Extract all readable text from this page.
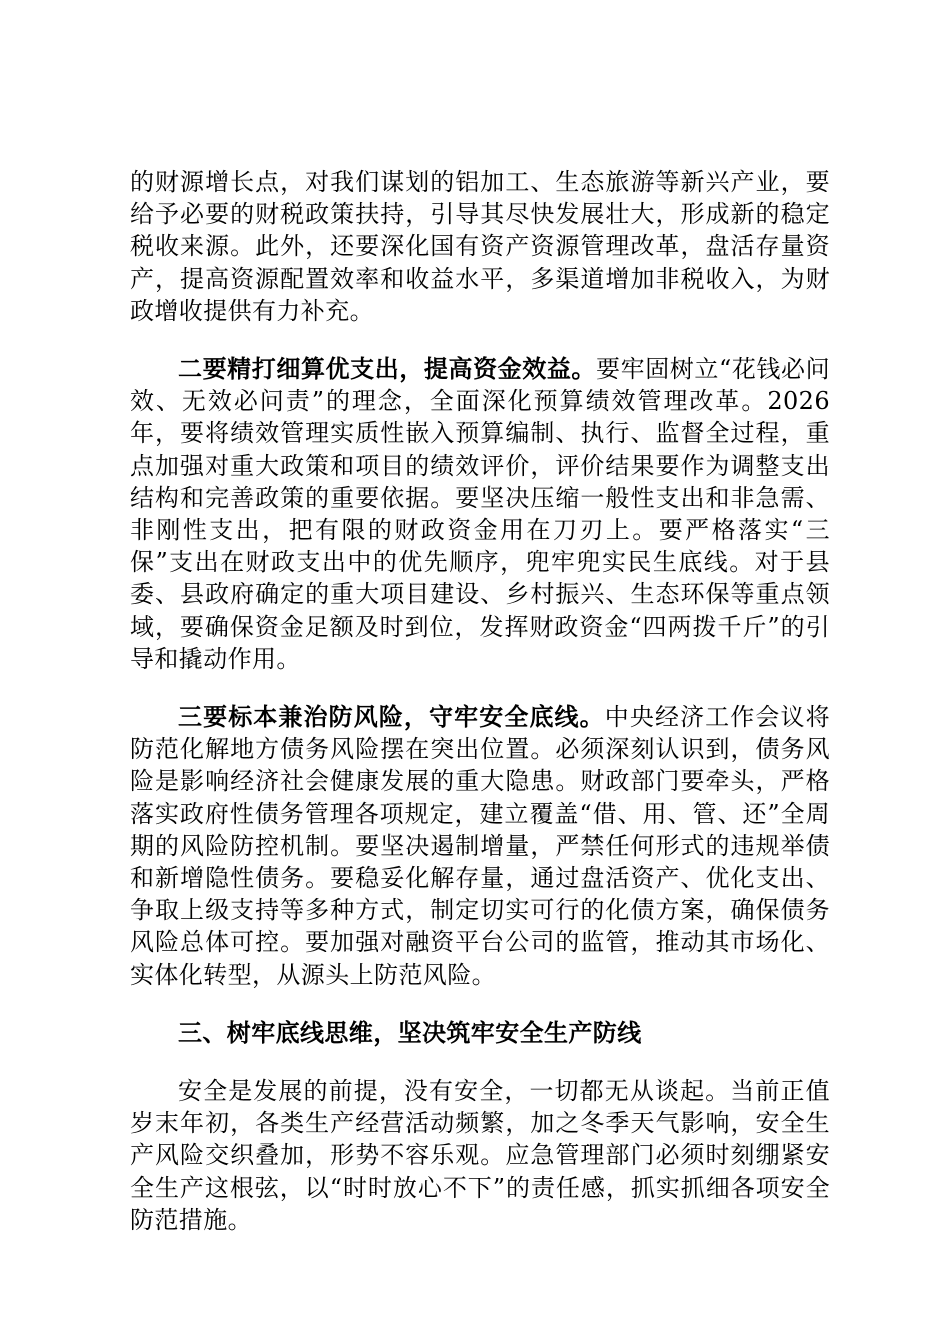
的财源增长点，对我们谋划的铝加工、生态旅游等新兴产业，要给予必要的财税政策扶持，引导其尽快发展壮大，形成新的稳定税收来源。此外，还要深化国有资产资源管理改革，盘活存量资产，提高资源配置效率和收益水平，多渠道增加非税收入，为财政增收提供有力补充。

二要精打细算优支出，提高资金效益。要牢固树立“花钱必问效、无效必问责”的理念，全面深化预算绩效管理改革。2026年，要将绩效管理实质性嵌入预算编制、执行、监督全过程，重点加强对重大政策和项目的绩效评价，评价结果要作为调整支出结构和完善政策的重要依据。要坚决压缩一般性支出和非急需、非刚性支出，把有限的财政资金用在刀刃上。要严格落实“三保”支出在财政支出中的优先顺序，兜牢兜实民生底线。对于县委、县政府确定的重大项目建设、乡村振兴、生态环保等重点领域，要确保资金足额及时到位，发挥财政资金“四两拨千斤”的引导和撬动作用。

三要标本兼治防风险，守牢安全底线。中央经济工作会议将防范化解地方债务风险摆在突出位置。必须深刻认识到，债务风险是影响经济社会健康发展的重大隐患。财政部门要牵头，严格落实政府性债务管理各项规定，建立覆盖“借、用、管、还”全周期的风险防控机制。要坚决遏制增量，严禁任何形式的违规举债和新增隐性债务。要稳妥化解存量，通过盘活资产、优化支出、争取上级支持等多种方式，制定切实可行的化债方案，确保债务风险总体可控。要加强对融资平台公司的监管，推动其市场化、实体化转型，从源头上防范风险。

三、树牢底线思维，坚决筑牢安全生产防线

安全是发展的前提，没有安全，一切都无从谈起。当前正值岁末年初，各类生产经营活动频繁，加之冬季天气影响，安全生产风险交织叠加，形势不容乐观。应急管理部门必须时刻绷紧安全生产这根弦，以“时时放心不下”的责任感，抓实抓细各项安全防范措施。
